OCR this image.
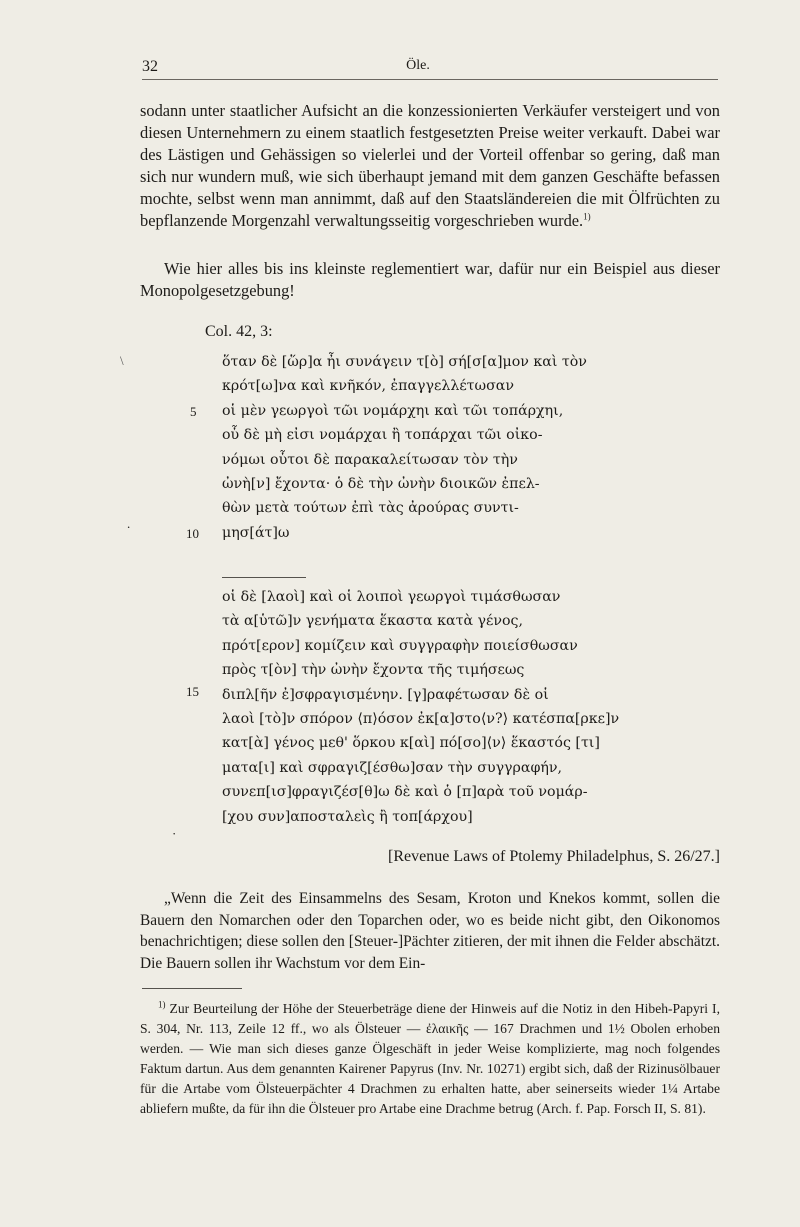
32	Öle.
sodann unter staatlicher Aufsicht an die konzessionierten Verkäufer versteigert und von diesen Unternehmern zu einem staatlich festgesetzten Preise weiter verkauft. Dabei war des Lästigen und Gehässigen so vielerlei und der Vorteil offenbar so gering, daß man sich nur wundern muß, wie sich überhaupt jemand mit dem ganzen Geschäfte befassen mochte, selbst wenn man annimmt, daß auf den Staatsländereien die mit Ölfrüchten zu bepflanzende Morgenzahl verwaltungsseitig vorgeschrieben wurde.$^{1)}$
Wie hier alles bis ins kleinste reglementiert war, dafür nur ein Beispiel aus dieser Monopolgesetzgebung!
Col. 42, 3:
\	ὅταν δὲ [ὥρ]α ἦι συνάγειν τ[ὸ] σή[σ[α]μον καὶ τὸν
κρότ[ω]να καὶ κνῆκόν, ἐπαγγελλέτωσαν
οἱ μὲν γεωργοὶ τῶι νομάρχηι καὶ τῶι τοπάρχηι,
οὗ δὲ μὴ εἰσι νομάρχαι ἢ τοπάρχαι τῶι οἰκο-
νόμωι οὗτοι δὲ παρακαλείτωσαν τὸν τὴν
ὠνὴ[ν] ἔχοντα· ὁ δὲ τὴν ὠνὴν διοικῶν ἐπελ-
θὼν μετὰ τούτων ἐπὶ τὰς ἀρούρας συντι-
μησ[άτ]ω
5
10
.
οἱ δὲ [λαοὶ] καὶ οἱ λοιποὶ γεωργοὶ τιμάσθωσαν
τὰ α[ὑτῶ]ν γενήματα ἕκαστα κατὰ γένος,
πρότ[ερον] κομίζειν καὶ συγγραφὴν ποιείσθωσαν
πρὸς τ[ὸν] τὴν ὠνὴν ἔχοντα τῆς τιμήσεως
διπλ[ῆν ἐ]σφραγισμένην. [γ]ραφέτωσαν δὲ οἱ
λαοὶ [τὸ]ν σπόρον ⟨π⟩όσον ἐκ[α]στο⟨ν?⟩ κατέσπα[ρκε]ν
κατ[ὰ] γένος μεθ' ὅρκου κ[αὶ] πό[σο]⟨ν⟩ ἕκαστός [τι]
ματα[ι] καὶ σφραγιζ[έσθω]σαν τὴν συγγραφήν,
συνεπ[ισ]φραγιζέσ[θ]ω δὲ καὶ ὁ [π]αρὰ τοῦ νομάρ-
[χου συν]αποσταλεὶς ἢ τοπ[άρχου]
15
·
[Revenue Laws of Ptolemy Philadelphus, S. 26/27.]
„Wenn die Zeit des Einsammelns des Sesam, Kroton und Knekos kommt, sollen die Bauern den Nomarchen oder den Toparchen oder, wo es beide nicht gibt, den Oikonomos benachrichtigen; diese sollen den [Steuer-]Pächter zitieren, der mit ihnen die Felder abschätzt. Die Bauern sollen ihr Wachstum vor dem Ein-
$^{1)}$ Zur Beurteilung der Höhe der Steuerbeträge diene der Hinweis auf die Notiz in den Hibeh-Papyri I, S. 304, Nr. 113, Zeile 12 ff., wo als Ölsteuer — ἐλαικῆς — 167 Drachmen und 1½ Obolen erhoben werden. — Wie man sich dieses ganze Ölgeschäft in jeder Weise komplizierte, mag noch folgendes Faktum dartun. Aus dem genannten Kairener Papyrus (Inv. Nr. 10271) ergibt sich, daß der Rizinusölbauer für die Artabe vom Ölsteuerpächter 4 Drachmen zu erhalten hatte, aber seinerseits wieder 1¼ Artabe abliefern mußte, da für ihn die Ölsteuer pro Artabe eine Drachme betrug (Arch. f. Pap. Forsch II, S. 81).
